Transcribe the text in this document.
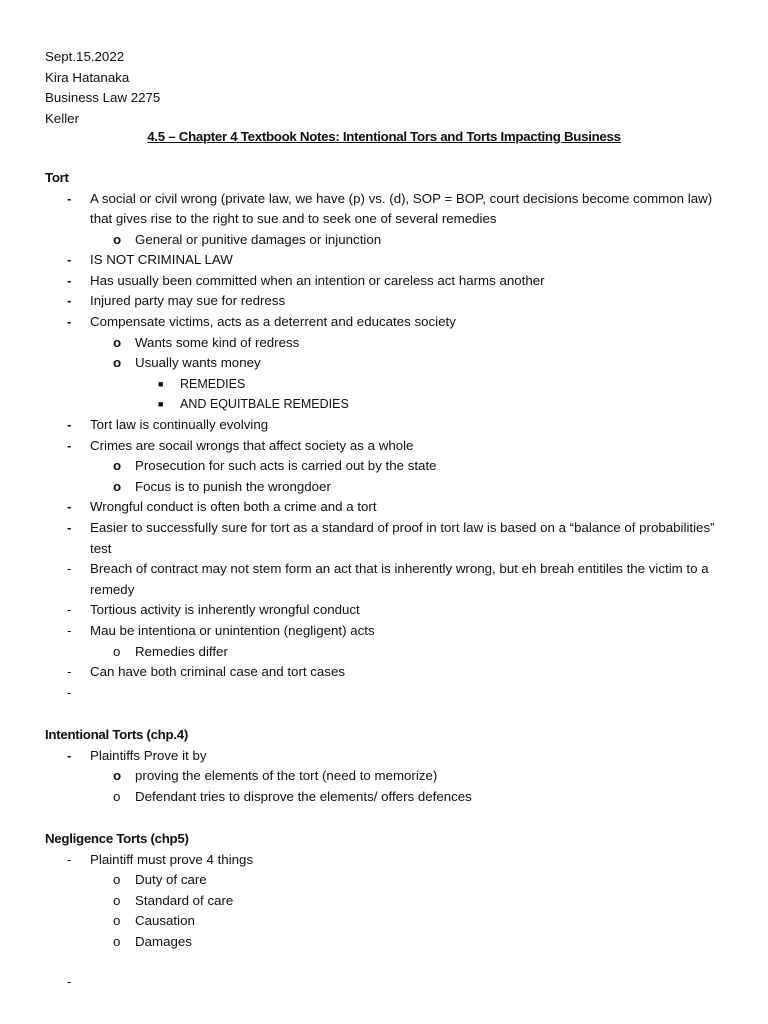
Sept.15.2022
Kira Hatanaka
Business Law 2275
Keller
4.5 – Chapter 4 Textbook Notes: Intentional Tors and Torts Impacting Business
Tort
- A social or civil wrong (private law, we have (p) vs. (d), SOP = BOP, court decisions become common law) that gives rise to the right to sue and to seek one of several remedies
o General or punitive damages or injunction
- IS NOT CRIMINAL LAW
- Has usually been committed when an intention or careless act harms another
- Injured party may sue for redress
- Compensate victims, acts as a deterrent and educates society
o Wants some kind of redress
o Usually wants money
■ REMEDIES
■ AND EQUITBALE REMEDIES
- Tort law is continually evolving
- Crimes are socail wrongs that affect society as a whole
o Prosecution for such acts is carried out by the state
o Focus is to punish the wrongdoer
- Wrongful conduct is often both a crime and a tort
- Easier to successfully sure for tort as a standard of proof in tort law is based on a “balance of probabilities” test
- Breach of contract may not stem form an act that is inherently wrong, but eh breah entitiles the victim to a remedy
- Tortious activity is inherently wrongful conduct
- Mau be intentiona or unintention (negligent) acts
o Remedies differ
- Can have both criminal case and tort cases
-
Intentional Torts (chp.4)
- Plaintiffs Prove it by
o proving the elements of the tort (need to memorize)
o Defendant tries to disprove the elements/ offers defences
Negligence Torts (chp5)
- Plaintiff must prove 4 things
o Duty of care
o Standard of care
o Causation
o Damages
-
